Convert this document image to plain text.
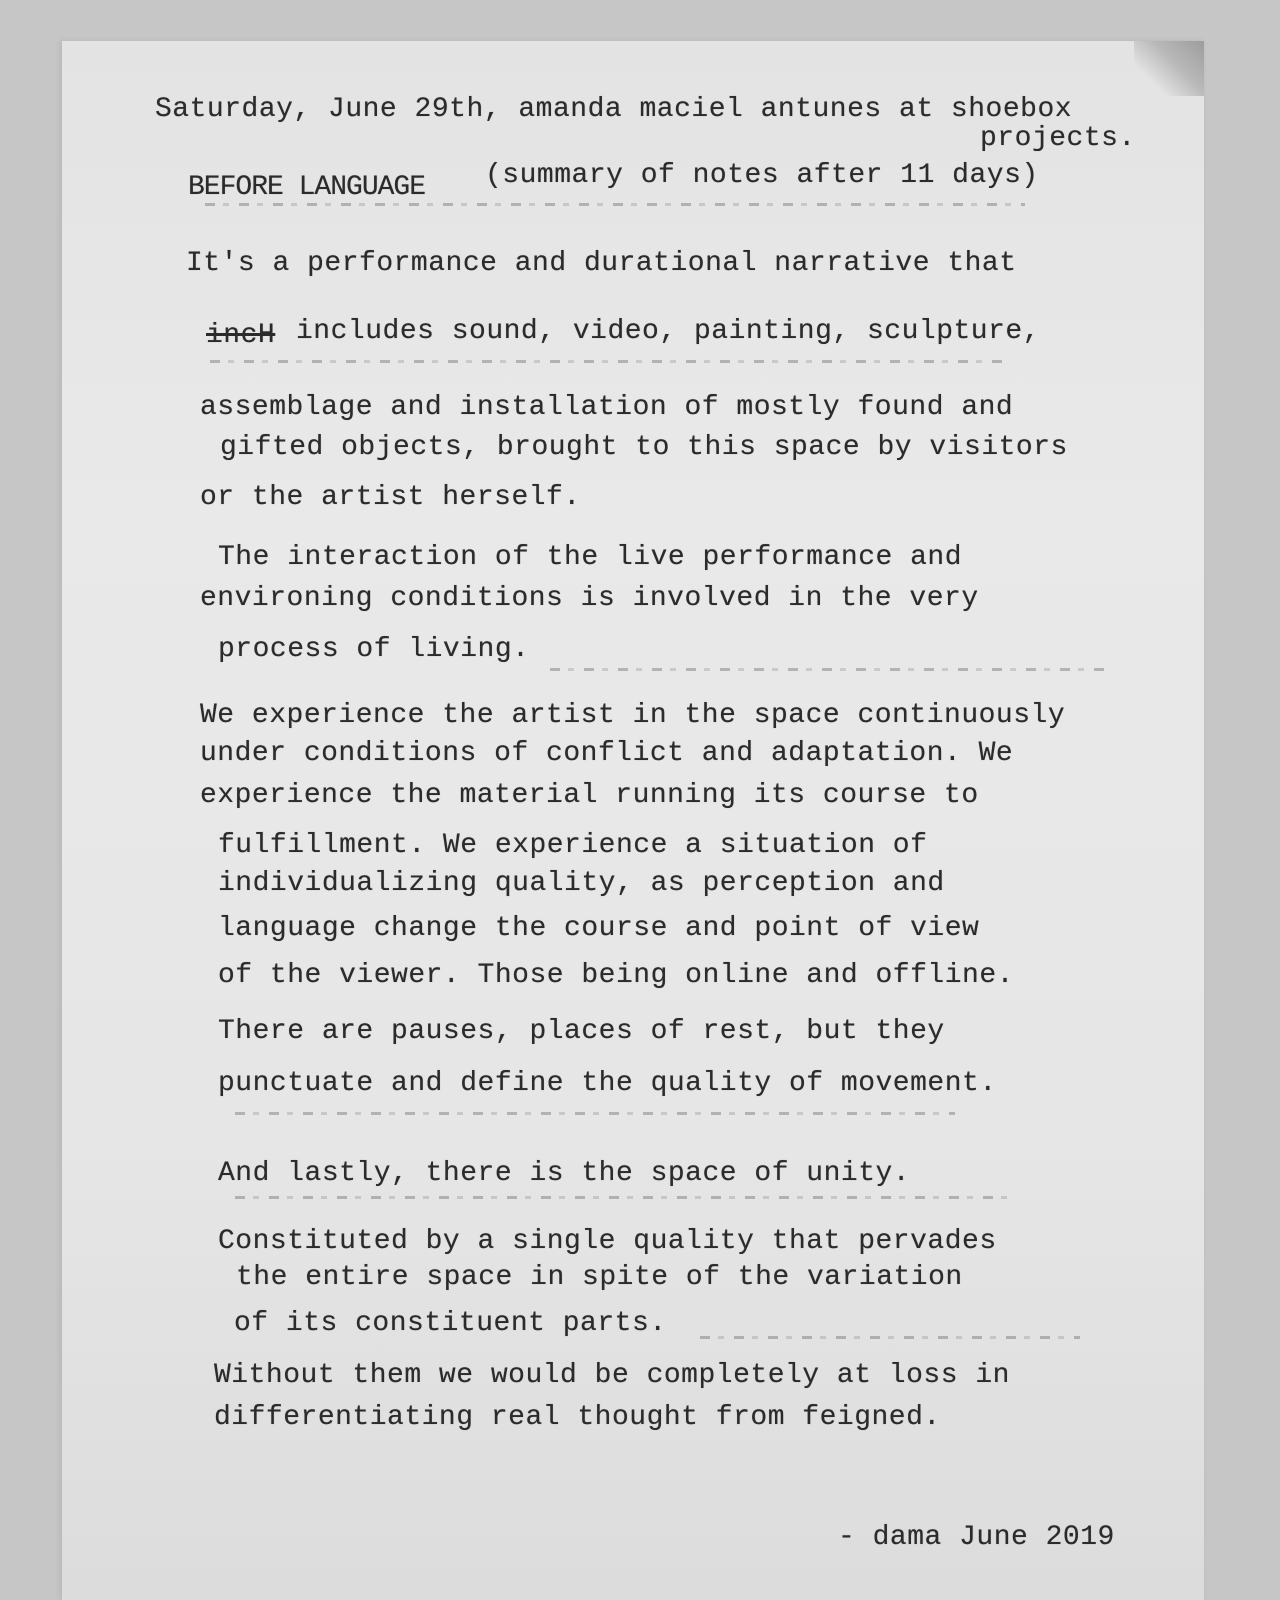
Saturday, June 29th, amanda maciel antunes at shoebox
projects.
BEFORE LANGUAGE (summary of notes after 11 days)
It's a performance and durational narrative that
incH includes sound, video, painting, sculpture,
assemblage and installation of mostly found and
gifted objects, brought to this space by visitors
or the artist herself.
The interaction of the live performance and
environing conditions is involved in the very
process of living.
We experience the artist in the space continuously
under conditions of conflict and adaptation. We
experience the material running its course to
fulfillment. We experience a situation of
individualizing quality, as perception and
language change the course and point of view
of the viewer. Those being online and offline.
There are pauses, places of rest, but they
punctuate and define the quality of movement.
And lastly, there is the space of unity.
Constituted by a single quality that pervades
the entire space in spite of the variation
of its constituent parts.
Without them we would be completely at loss in
differentiating real thought from feigned.
- dama June 2019
